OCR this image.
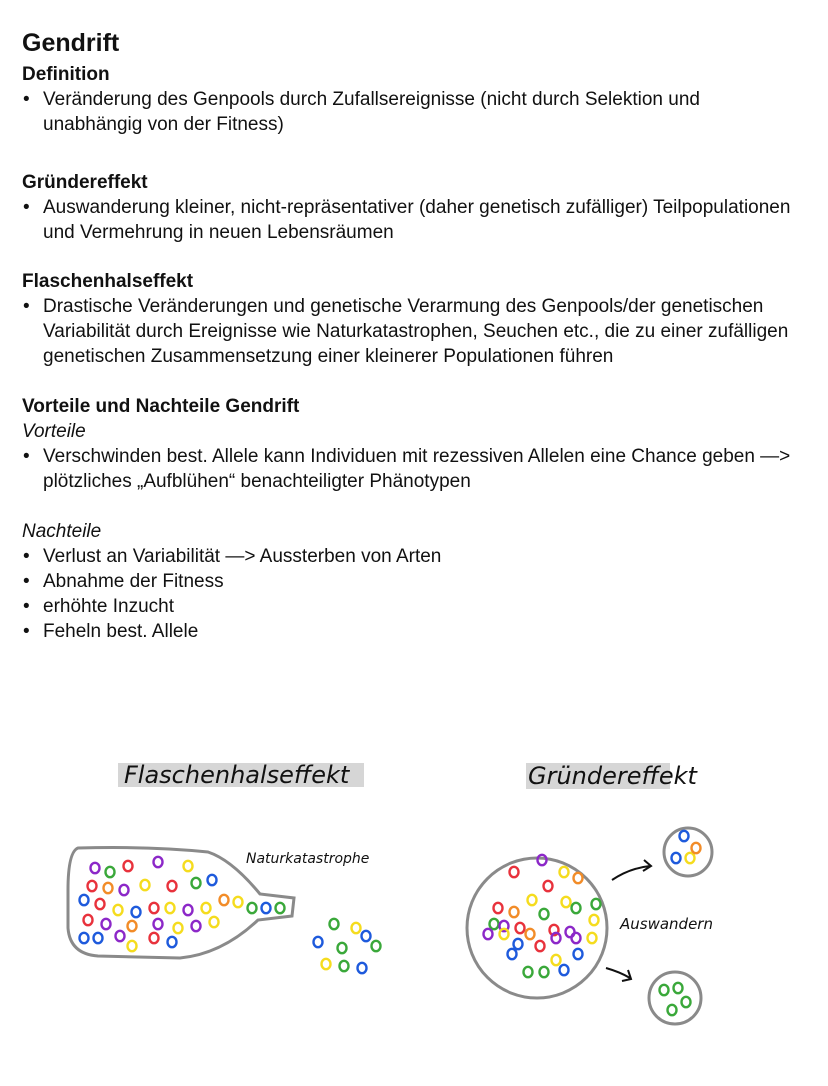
Gendrift
Definition
• Veränderung des Genpools durch Zufallsereignisse (nicht durch Selektion und unabhängig von der Fitness)
Gründereffekt
• Auswanderung kleiner, nicht-repräsentativer (daher genetisch zufälliger) Teilpopulationen und Vermehrung in neuen Lebensräumen
Flaschenhalseffekt
• Drastische Veränderungen und genetische Verarmung des Genpools/der genetischen Variabilität durch Ereignisse wie Naturkatastrophen, Seuchen etc., die zu einer zufälligen genetischen Zusammensetzung einer kleinerer Populationen führen
Vorteile und Nachteile Gendrift
Vorteile
• Verschwinden best. Allele kann Individuen mit rezessiven Allelen eine Chance geben —> plötzliches „Aufblühen“ benachteiligter Phänotypen
Nachteile
• Verlust an Variabilität —> Aussterben von Arten
• Abnahme der Fitness
• erhöhte Inzucht
• Feheln best. Allele
Flaschenhalseffekt
Naturkatastrophe
Gründereffekt
Auswandern
